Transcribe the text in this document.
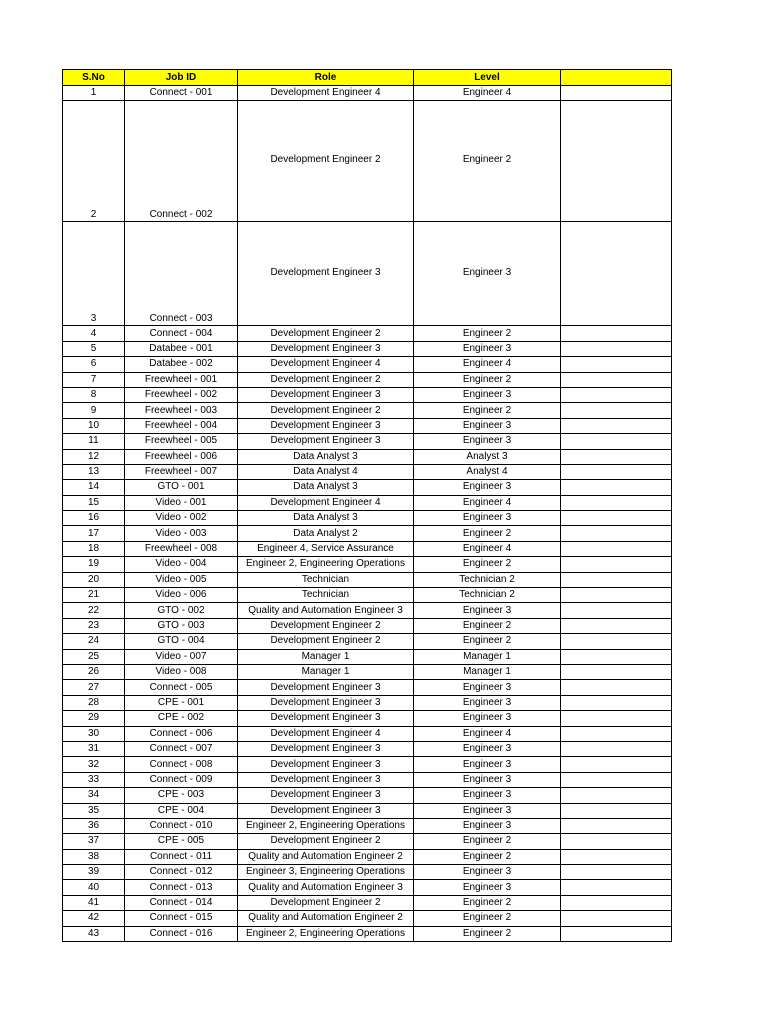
S.No	Job ID	Role	Level	
1	Connect - 001	Development Engineer 4	Engineer 4	
2	Connect - 002	Development Engineer 2	Engineer 2	

3	Connect - 003	Development Engineer 3	Engineer 3	

4	Connect - 004	Development Engineer 2	Engineer 2	
5	Databee - 001	Development Engineer 3	Engineer 3	
6	Databee - 002	Development Engineer 4	Engineer 4	
7	Freewheel - 001	Development Engineer 2	Engineer 2	
8	Freewheel - 002	Development Engineer 3	Engineer 3	
9	Freewheel - 003	Development Engineer 2	Engineer 2	
10	Freewheel - 004	Development Engineer 3	Engineer 3	
11	Freewheel - 005	Development Engineer 3	Engineer 3	
12	Freewheel - 006	Data Analyst 3	Analyst 3	
13	Freewheel - 007	Data Analyst 4	Analyst 4	
14	GTO - 001	Data Analyst 3	Engineer 3	
15	Video - 001	Development Engineer 4	Engineer 4	
16	Video - 002	Data Analyst 3	Engineer 3	
17	Video - 003	Data Analyst 2	Engineer 2	
18	Freewheel - 008	Engineer 4, Service Assurance	Engineer 4	
19	Video - 004	Engineer 2, Engineering Operations	Engineer 2	
20	Video - 005	Technician	Technician 2	
21	Video - 006	Technician	Technician 2	
22	GTO - 002	Quality and Automation Engineer 3	Engineer 3	
23	GTO - 003	Development Engineer 2	Engineer 2	
24	GTO - 004	Development Engineer 2	Engineer 2	
25	Video - 007	Manager 1	Manager 1	
26	Video - 008	Manager 1	Manager 1	
27	Connect - 005	Development Engineer 3	Engineer 3	
28	CPE - 001	Development Engineer 3	Engineer 3	
29	CPE - 002	Development Engineer 3	Engineer 3	
30	Connect - 006	Development Engineer 4	Engineer 4	
31	Connect - 007	Development Engineer 3	Engineer 3	
32	Connect - 008	Development Engineer 3	Engineer 3	
33	Connect - 009	Development Engineer 3	Engineer 3	
34	CPE - 003	Development Engineer 3	Engineer 3	
35	CPE - 004	Development Engineer 3	Engineer 3	
36	Connect - 010	Engineer 2, Engineering Operations	Engineer 3	
37	CPE - 005	Development Engineer 2	Engineer 2	
38	Connect - 011	Quality and Automation Engineer 2	Engineer 2	
39	Connect - 012	Engineer 3, Engineering Operations	Engineer 3	
40	Connect - 013	Quality and Automation Engineer 3	Engineer 3	
41	Connect - 014	Development Engineer 2	Engineer 2	
42	Connect - 015	Quality and Automation Engineer 2	Engineer 2	
43	Connect - 016	Engineer 2, Engineering Operations	Engineer 2	
